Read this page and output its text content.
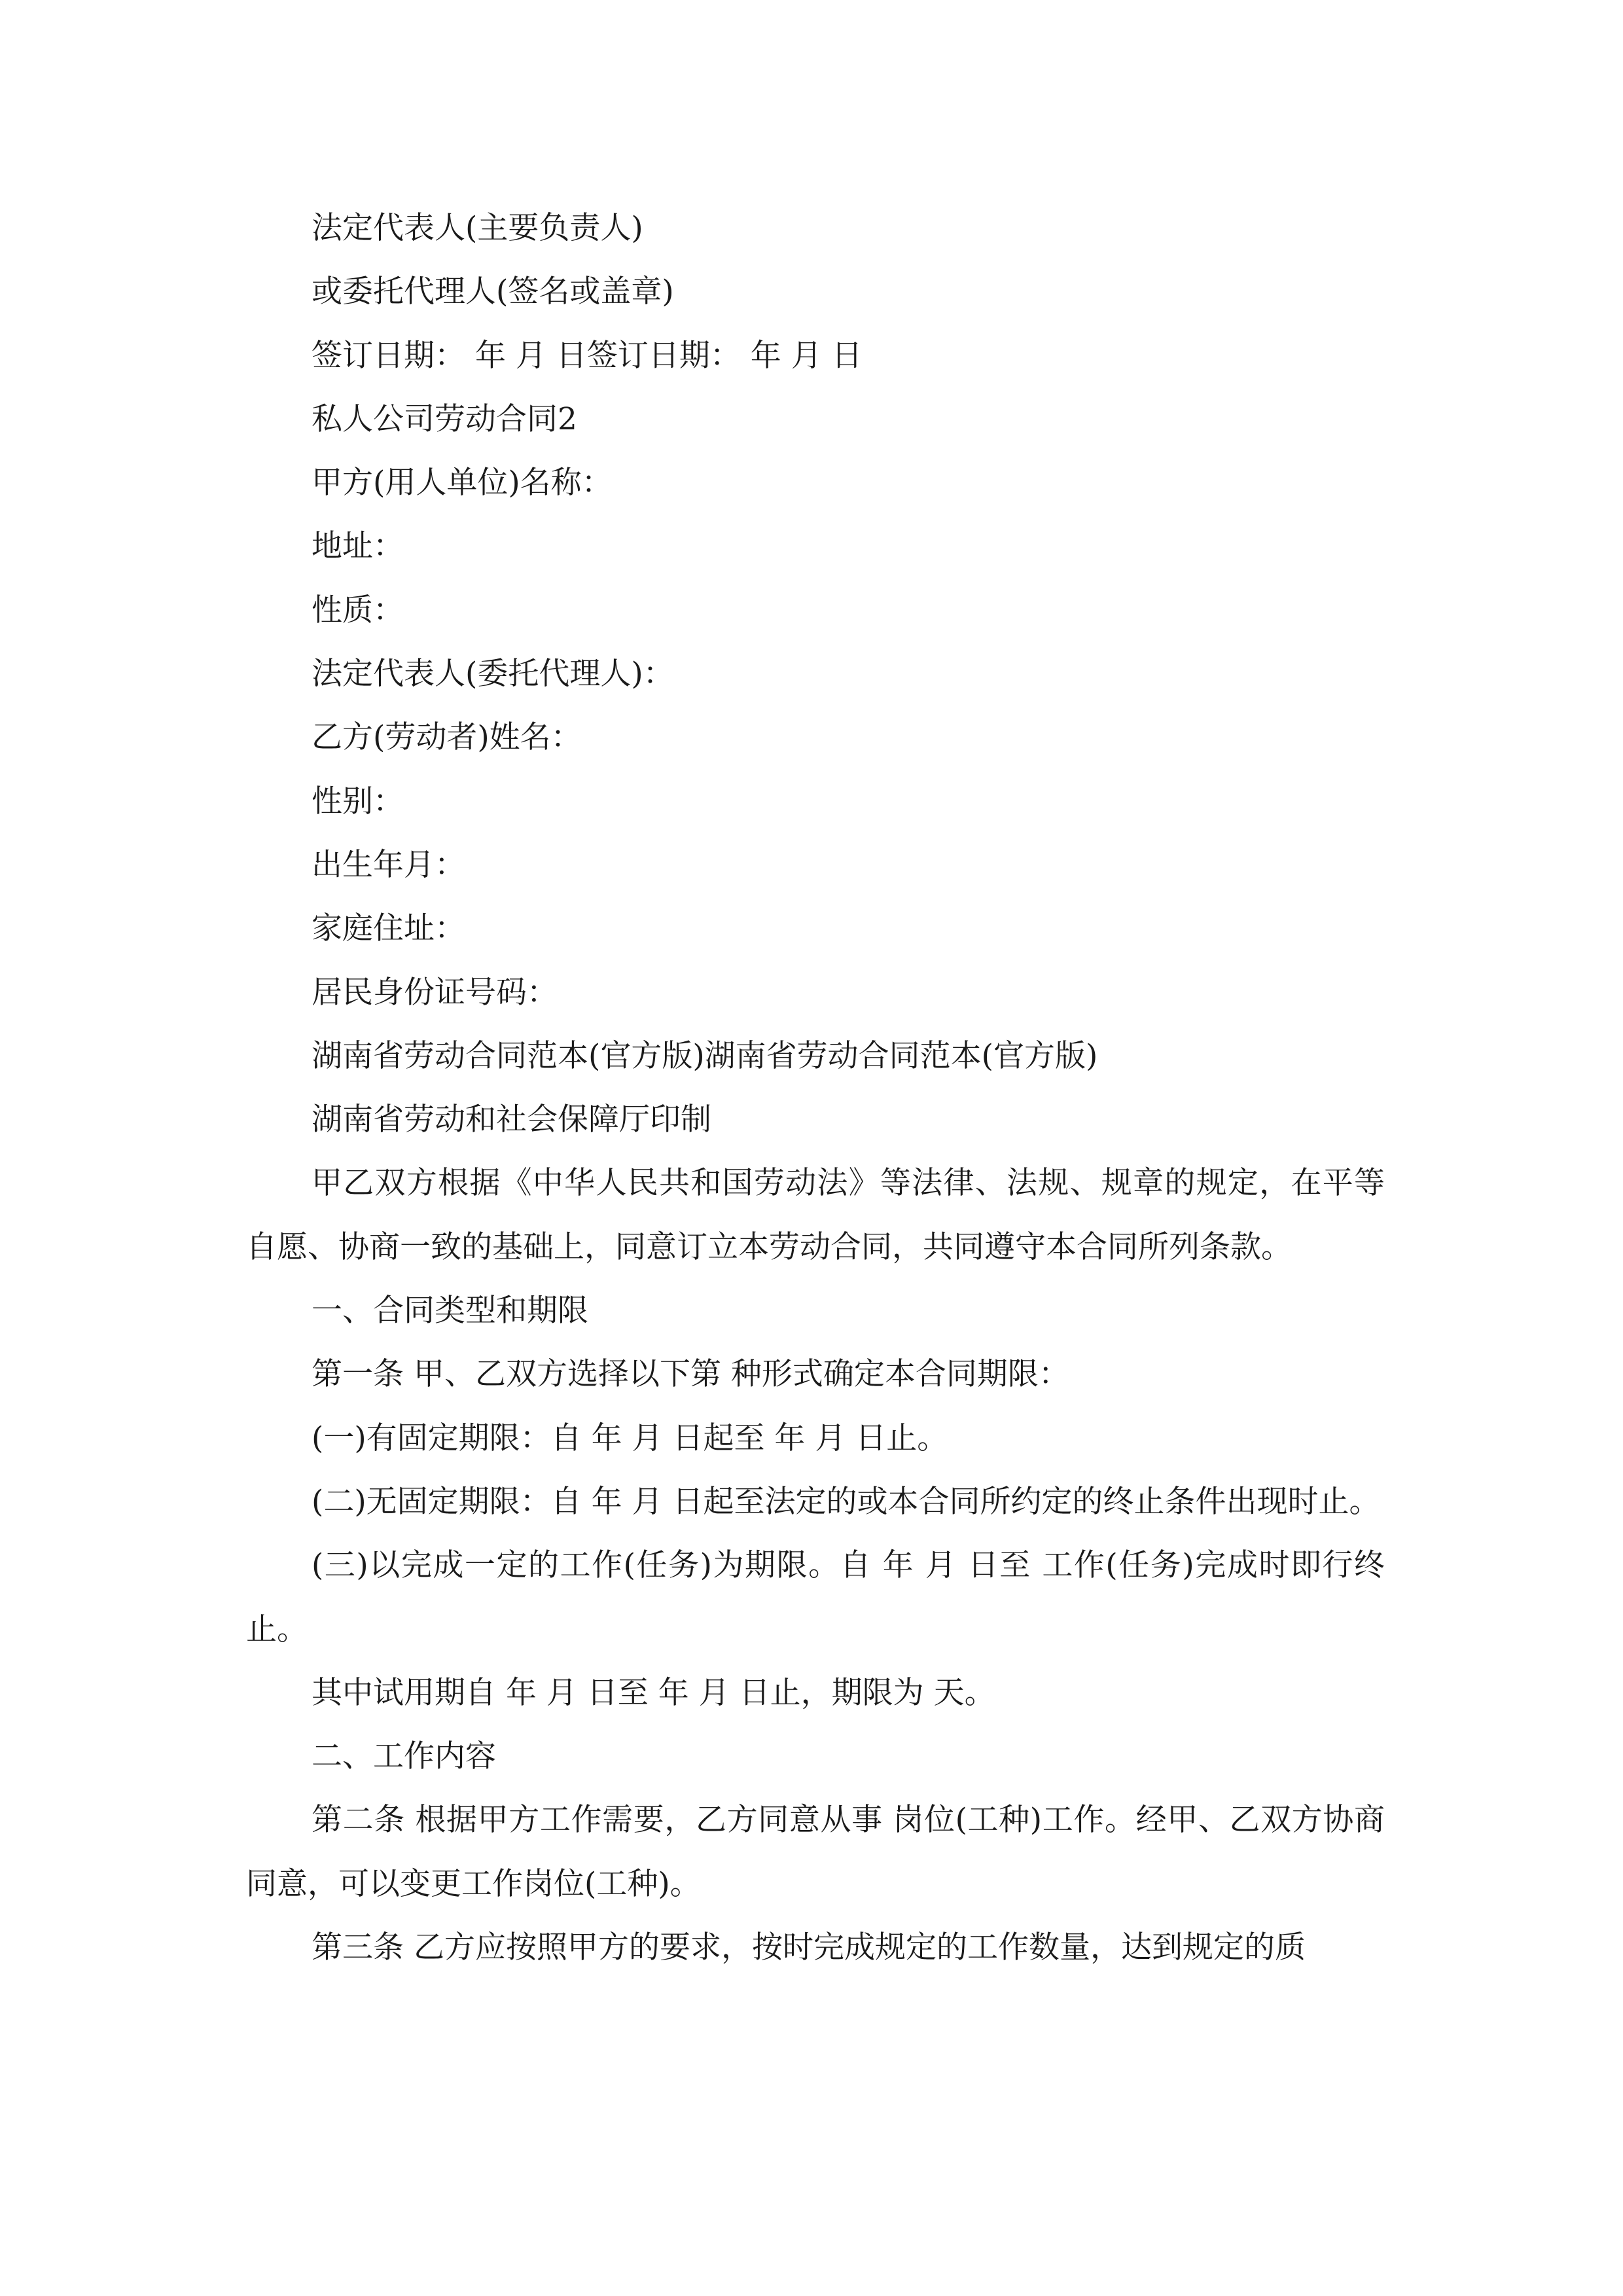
法定代表人(主要负责人)
或委托代理人(签名或盖章)
签订日期： 年 月 日签订日期： 年 月 日
私人公司劳动合同2
甲方(用人单位)名称：
地址：
性质：
法定代表人(委托代理人)：
乙方(劳动者)姓名：
性别：
出生年月：
家庭住址：
居民身份证号码：
湖南省劳动合同范本(官方版)湖南省劳动合同范本(官方版)
湖南省劳动和社会保障厅印制

甲乙双方根据《中华人民共和国劳动法》等法律、法规、规章的规定，在平等自愿、协商一致的基础上，同意订立本劳动合同，共同遵守本合同所列条款。

一、合同类型和期限

第一条 甲、乙双方选择以下第 种形式确定本合同期限：

(一)有固定期限：自 年 月 日起至 年 月 日止。

(二)无固定期限：自 年 月 日起至法定的或本合同所约定的终止条件出现时止。

(三)以完成一定的工作(任务)为期限。自 年 月 日至 工作(任务)完成时即行终止。

其中试用期自 年 月 日至 年 月 日止，期限为 天。

二、工作内容

第二条 根据甲方工作需要，乙方同意从事 岗位(工种)工作。经甲、乙双方协商同意，可以变更工作岗位(工种)。

第三条 乙方应按照甲方的要求，按时完成规定的工作数量，达到规定的质
